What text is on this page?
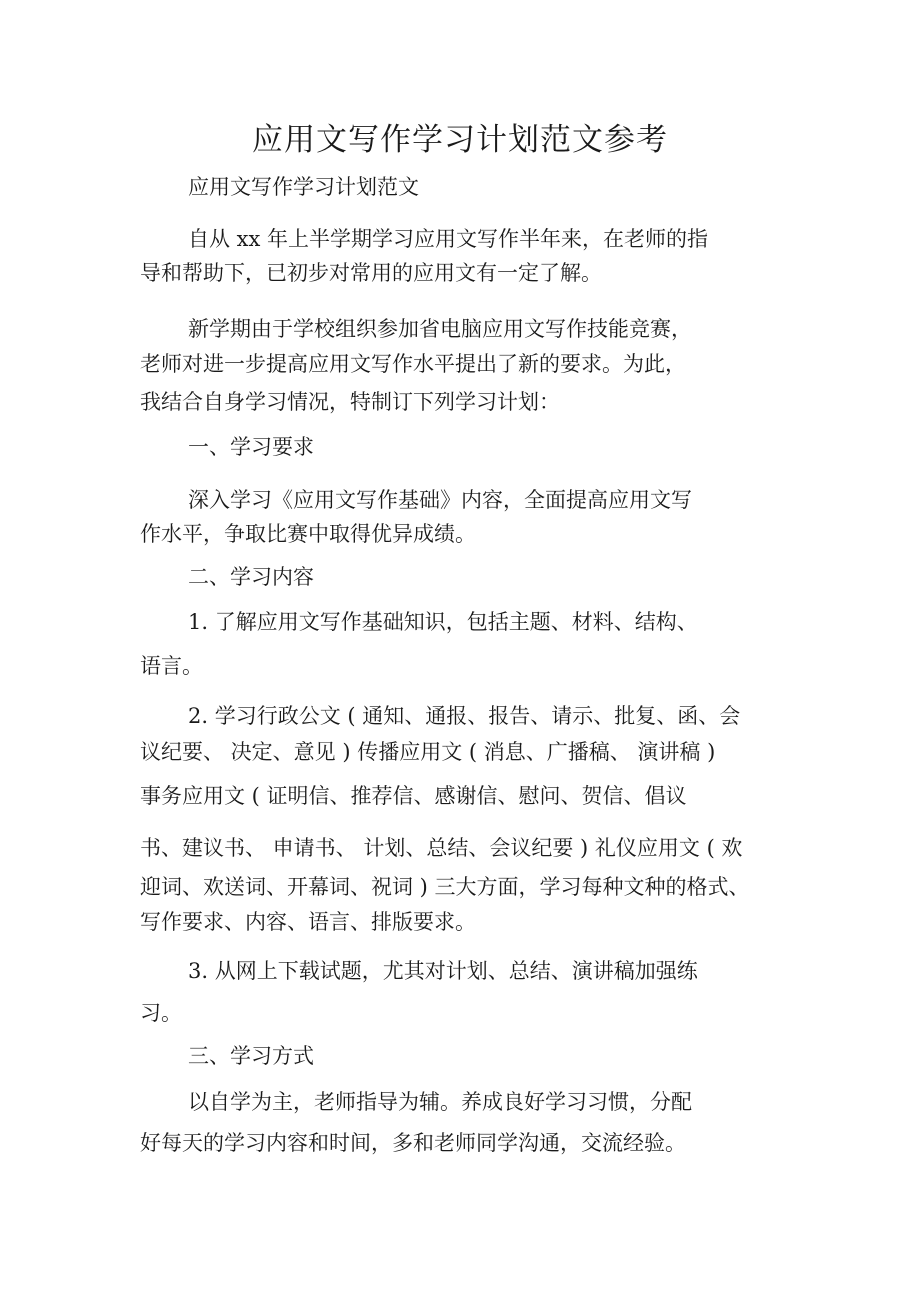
应用文写作学习计划范文参考

应用文写作学习计划范文

自从 xx 年上半学期学习应用文写作半年来，在老师的指

导和帮助下，已初步对常用的应用文有一定了解。

新学期由于学校组织参加省电脑应用文写作技能竞赛，

老师对进一步提高应用文写作水平提出了新的要求。为此，

我结合自身学习情况，特制订下列学习计划：

一、学习要求

深入学习《应用文写作基础》内容，全面提高应用文写

作水平，争取比赛中取得优异成绩。

二、学习内容

1. 了解应用文写作基础知识，包括主题、材料、结构、

语言。

2. 学习行政公文 ( 通知、通报、报告、请示、批复、函、会

议纪要、 决定、意见 ) 传播应用文 ( 消息、广播稿、 演讲稿 )

事务应用文 ( 证明信、推荐信、感谢信、慰问、贺信、倡议

书、建议书、 申请书、 计划、总结、会议纪要 ) 礼仪应用文 ( 欢

迎词、欢送词、开幕词、祝词 ) 三大方面，学习每种文种的格式、

写作要求、内容、语言、排版要求。

3. 从网上下载试题，尤其对计划、总结、演讲稿加强练

习。

三、学习方式

以自学为主，老师指导为辅。养成良好学习习惯，分配

好每天的学习内容和时间，多和老师同学沟通，交流经验。
